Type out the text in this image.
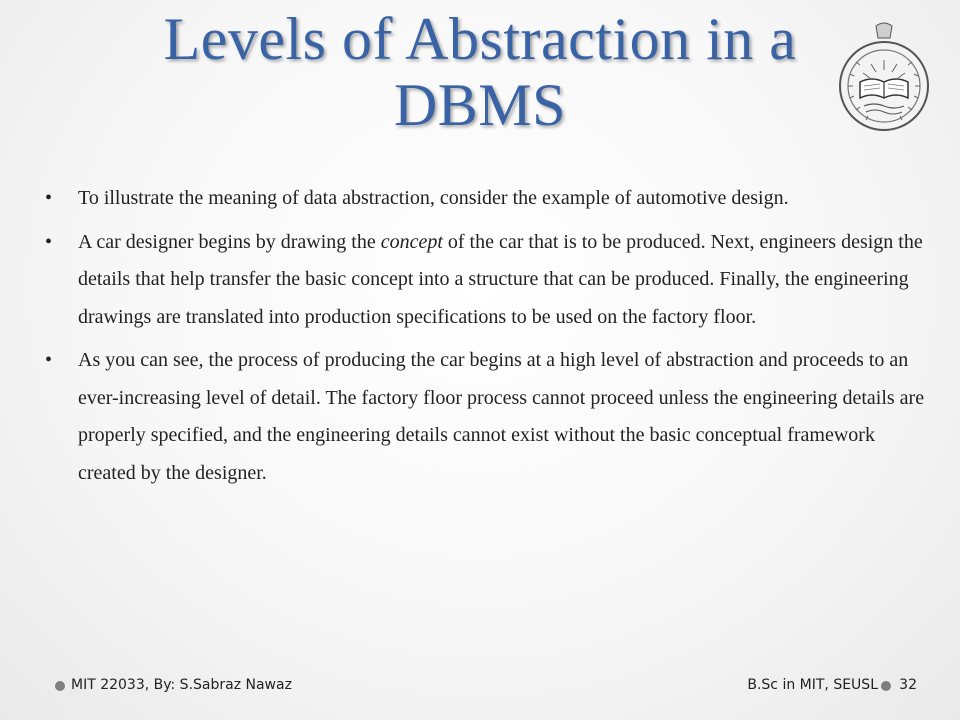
Levels of Abstraction in a
DBMS
• To illustrate the meaning of data abstraction, consider the example of automotive design.
• A car designer begins by drawing the concept of the car that is to be produced. Next, engineers design the details that help transfer the basic concept into a structure that can be produced. Finally, the engineering drawings are translated into production specifications to be used on the factory floor.
• As you can see, the process of producing the car begins at a high level of abstraction and proceeds to an ever-increasing level of detail. The factory floor process cannot proceed unless the engineering details are properly specified, and the engineering details cannot exist without the basic conceptual framework created by the designer.
MIT 22033, By: S.Sabraz Nawaz	B.Sc in MIT, SEUSL 32
